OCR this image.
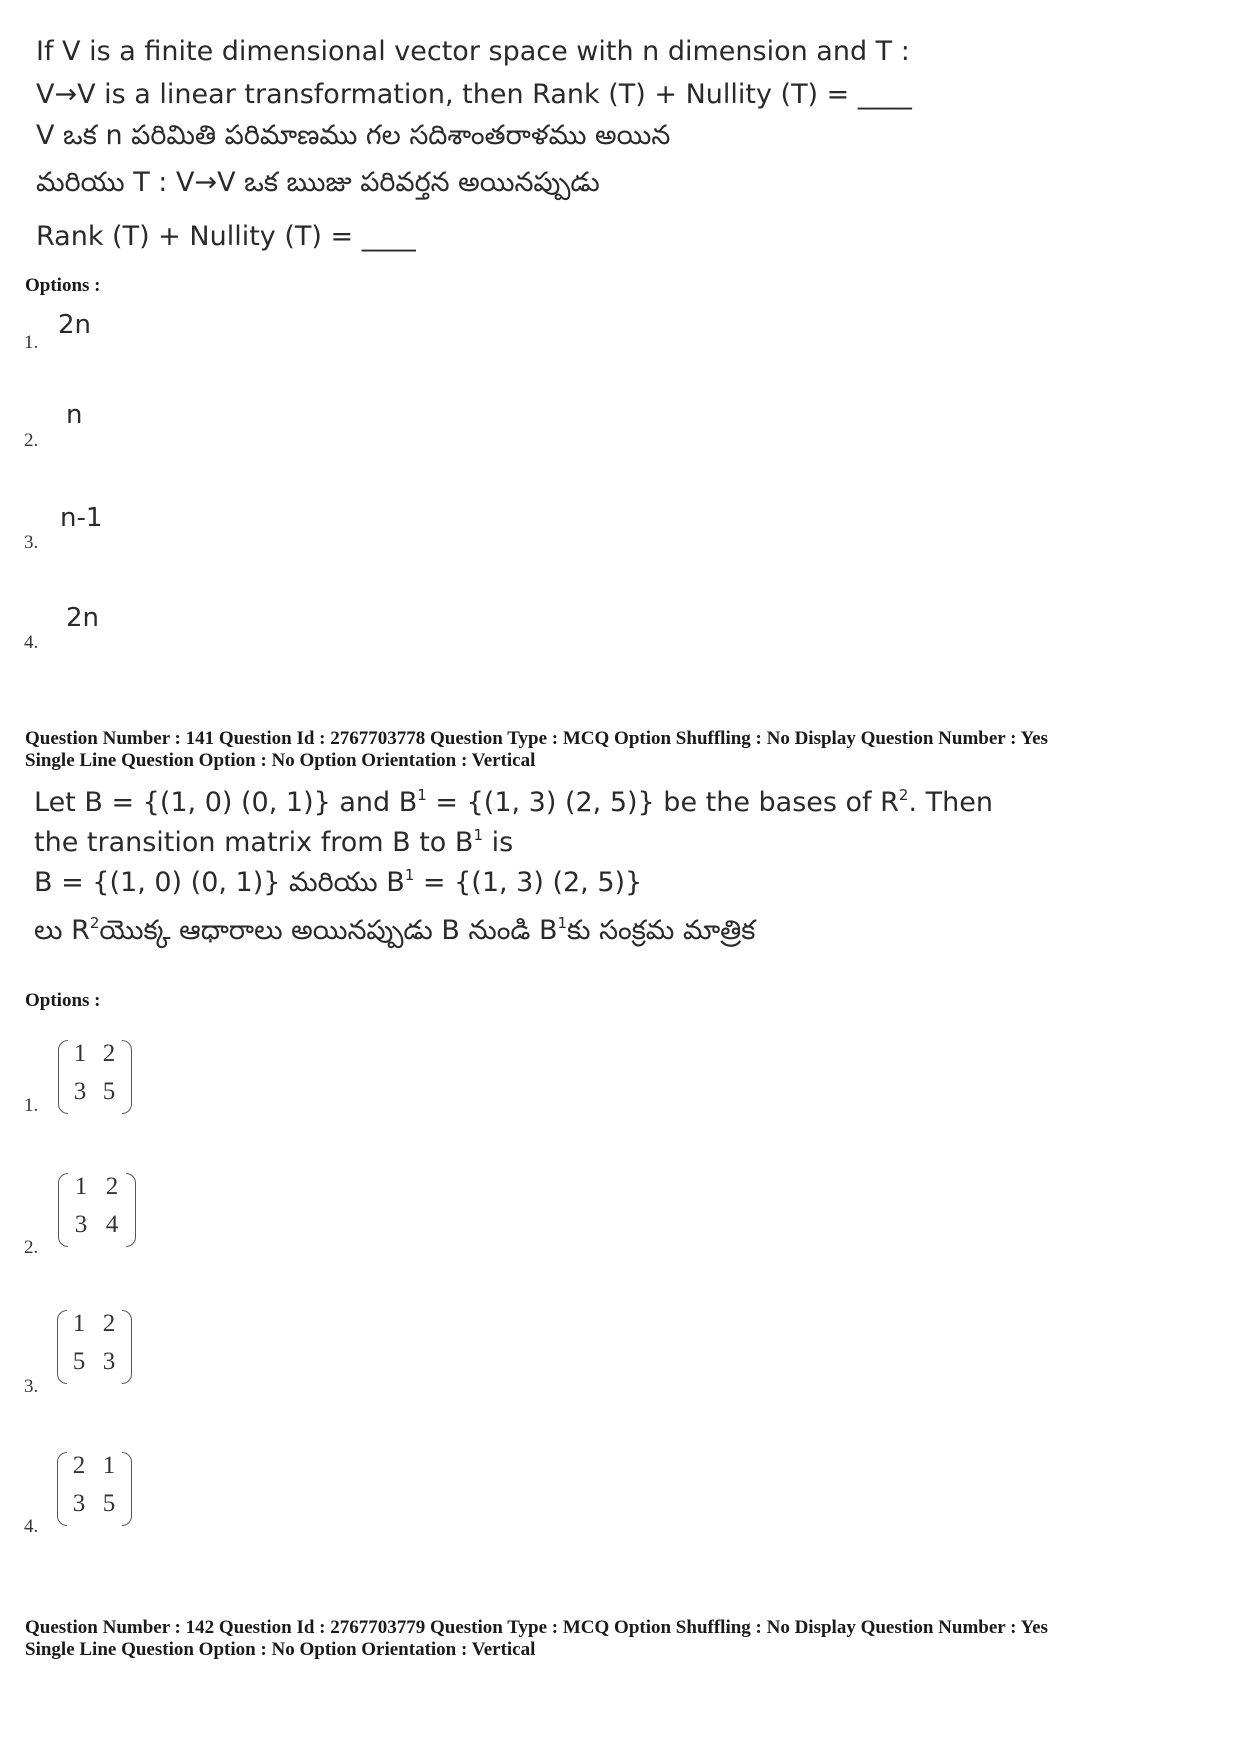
If V is a finite dimensional vector space with n dimension and T :
V→V is a linear transformation, then Rank (T) + Nullity (T) = ____
V ఒక n పరిమితి పరిమాణము గల సదిశాంతరాళము అయిన
మరియు T : V→V ఒక ఋజు పరివర్తన అయినప్పుడు
Rank (T) + Nullity (T) = ____
Options :
1.
2n
2.
n
3.
n-1
4.
2n
Question Number : 141 Question Id : 2767703778 Question Type : MCQ Option Shuffling : No Display Question Number : Yes
Single Line Question Option : No Option Orientation : Vertical
Let B = {(1, 0) (0, 1)} and $B^1 = \{(1$, 3) (2, 5)} be the bases of $R^2$. Then
the transition matrix from B to $B^1$ is
B = {(1, 0) (0, 1)} మరియు $B^1 = \{(1$, 3) (2, 5)}
లు $R^2యొక్క$ ఆధారాలు అయినప్పుడు B నుండి $B^1కు$ సంక్రమ మాత్రిక
Options :
1.
1 2
3 5
2.
1 2
3 4
3.
1 2
5 3
4.
2 1
3 5
Question Number : 142 Question Id : 2767703779 Question Type : MCQ Option Shuffling : No Display Question Number : Yes
Single Line Question Option : No Option Orientation : Vertical
